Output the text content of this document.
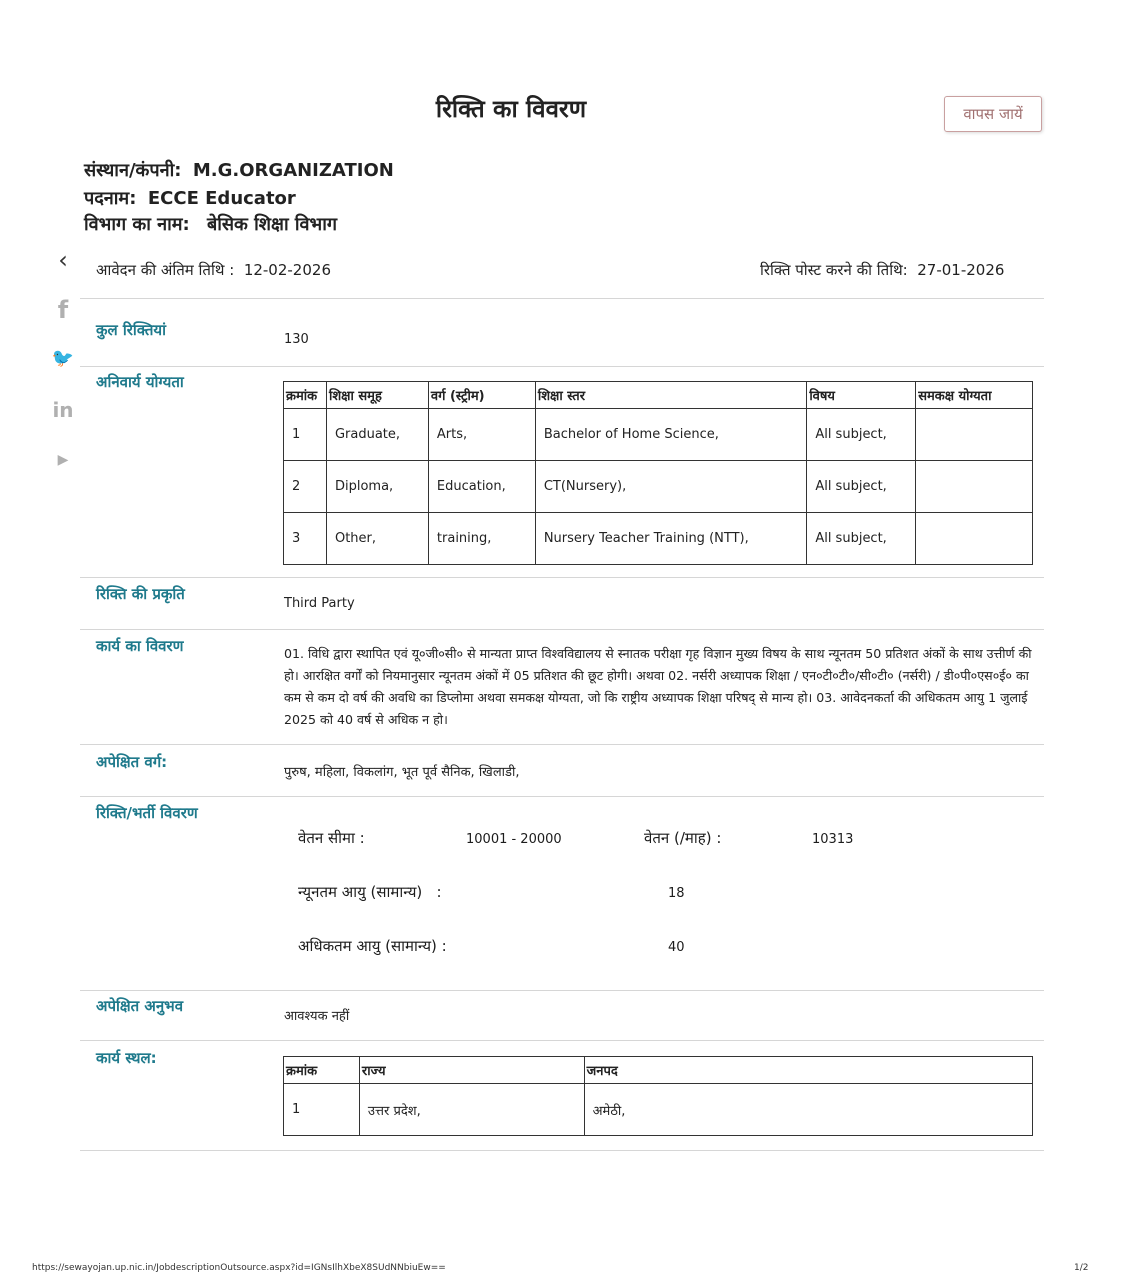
रिक्ति का विवरण	वापस जायें
संस्थान/कंपनी: M.G.ORGANIZATION
पदनाम: ECCE Educator
विभाग का नाम: बेसिक शिक्षा विभाग
‹
f
🐦
in
▶
आवेदन की अंतिम तिथि : 12-02-2026	रिक्ति पोस्ट करने की तिथि: 27-01-2026
कुल रिक्तियां
130
अनिवार्य योग्यता
क्रमांक	शिक्षा समूह	वर्ग (स्ट्रीम)	शिक्षा स्तर	विषय	समकक्ष योग्यता
1	Graduate,	Arts,	Bachelor of Home Science,	All subject,	
2	Diploma,	Education,	CT(Nursery),	All subject,	
3	Other,	training,	Nursery Teacher Training (NTT),	All subject,	
रिक्ति की प्रकृति
Third Party
कार्य का विवरण	01. विधि द्वारा स्थापित एवं यू०जी०सी० से मान्यता प्राप्त विश्वविद्यालय से स्नातक परीक्षा गृह विज्ञान मुख्य विषय के साथ न्यूनतम 50 प्रतिशत अंकों के साथ उत्तीर्ण की हो। आरक्षित वर्गों को नियमानुसार न्यूनतम अंकों में 05 प्रतिशत की छूट होगी। अथवा 02. नर्सरी अध्यापक शिक्षा / एन०टी०टी०/सी०टी० (नर्सरी) / डी०पी०एस०ई० का कम से कम दो वर्ष की अवधि का डिप्लोमा अथवा समकक्ष योग्यता, जो कि राष्ट्रीय अध्यापक शिक्षा परिषद् से मान्य हो। 03. आवेदनकर्ता की अधिकतम आयु 1 जुलाई 2025 को 40 वर्ष से अधिक न हो।
अपेक्षित वर्ग:
पुरुष, महिला, विकलांग, भूत पूर्व सैनिक, खिलाडी,
रिक्ति/भर्ती विवरण
वेतन सीमा :	10001 - 20000	वेतन (/माह) :	10313
न्यूनतम आयु (सामान्य)   :	18
अधिकतम आयु (सामान्य) :	40
अपेक्षित अनुभव
आवश्यक नहीं
कार्य स्थल:
क्रमांक	राज्य	जनपद
1	उत्तर प्रदेश,	अमेठी,
https://sewayojan.up.nic.in/JobdescriptionOutsource.aspx?id=IGNsIlhXbeX8SUdNNbiuEw==	1/2
